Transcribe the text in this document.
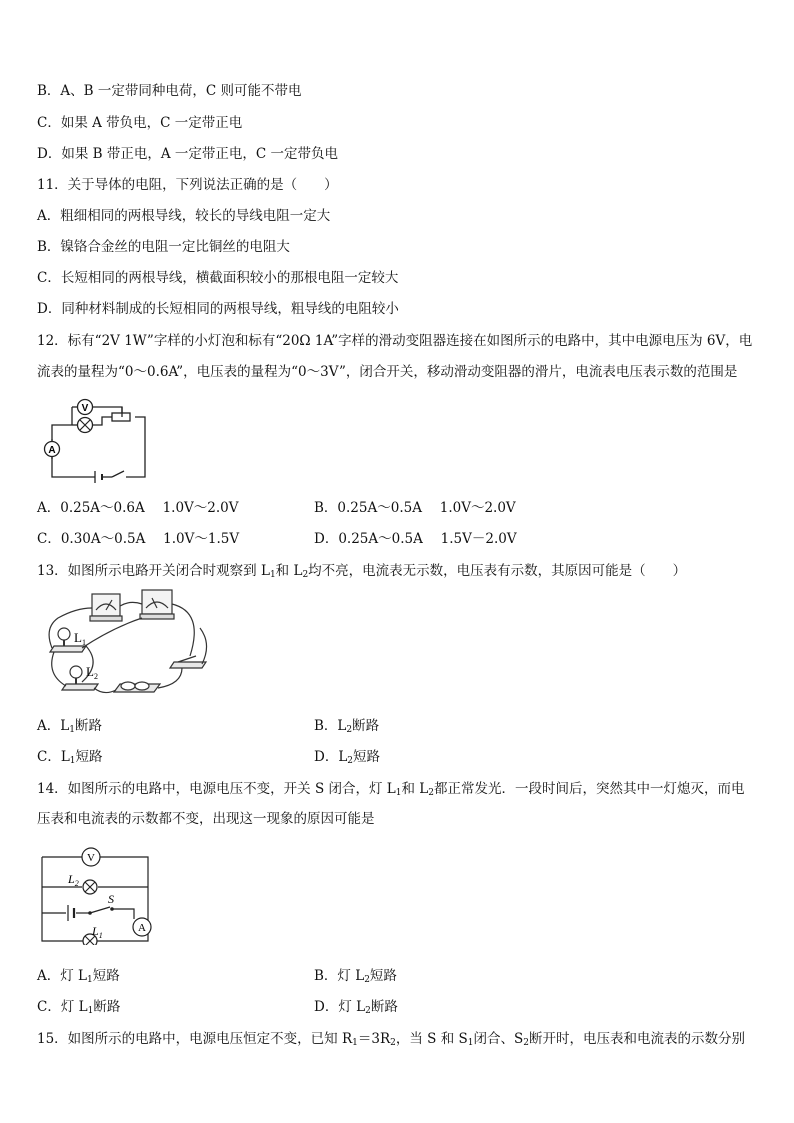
B．A、B 一定带同种电荷，C 则可能不带电
C．如果 A 带负电，C 一定带正电
D．如果 B 带正电，A 一定带正电，C 一定带负电
11．关于导体的电阻，下列说法正确的是（　　）
A．粗细相同的两根导线，较长的导线电阻一定大
B．镍铬合金丝的电阻一定比铜丝的电阻大
C．长短相同的两根导线，横截面积较小的那根电阻一定较大
D．同种材料制成的长短相同的两根导线，粗导线的电阻较小
12．标有“2V 1W”字样的小灯泡和标有“20Ω 1A”字样的滑动变阻器连接在如图所示的电路中，其中电源电压为 6V，电
流表的量程为“0～0.6A”，电压表的量程为“0～3V”，闭合开关，移动滑动变阻器的滑片，电流表电压表示数的范围是
V
A
A．0.25A～0.6A　 1.0V～2.0V	B．0.25A～0.5A　 1.0V～2.0V
C．0.30A～0.5A　 1.0V～1.5V	D．0.25A～0.5A　 1.5V－2.0V
13．如图所示电路开关闭合时观察到 $L_1$和 $L_2$均不亮，电流表无示数，电压表有示数，其原因可能是（　　）
$L_1$
$L_2$
A．$L_1$断路	B．$L_2$断路
C．$L_1$短路	D．$L_2$短路
14．如图所示的电路中，电源电压不变，开关 S 闭合，灯 $L_1$和 $L_2$都正常发光．一段时间后，突然其中一灯熄灭，而电
压表和电流表的示数都不变，出现这一现象的原因可能是
V
A
$L_2$
S
$L_1$
A．灯 $L_1$短路	B．灯 $L_2$短路
C．灯 $L_1$断路	D．灯 $L_2$断路
15．如图所示的电路中，电源电压恒定不变，已知 $R_1=3R_2$，当 S 和 $S_1$闭合、$S_2$断开时，电压表和电流表的示数分别
